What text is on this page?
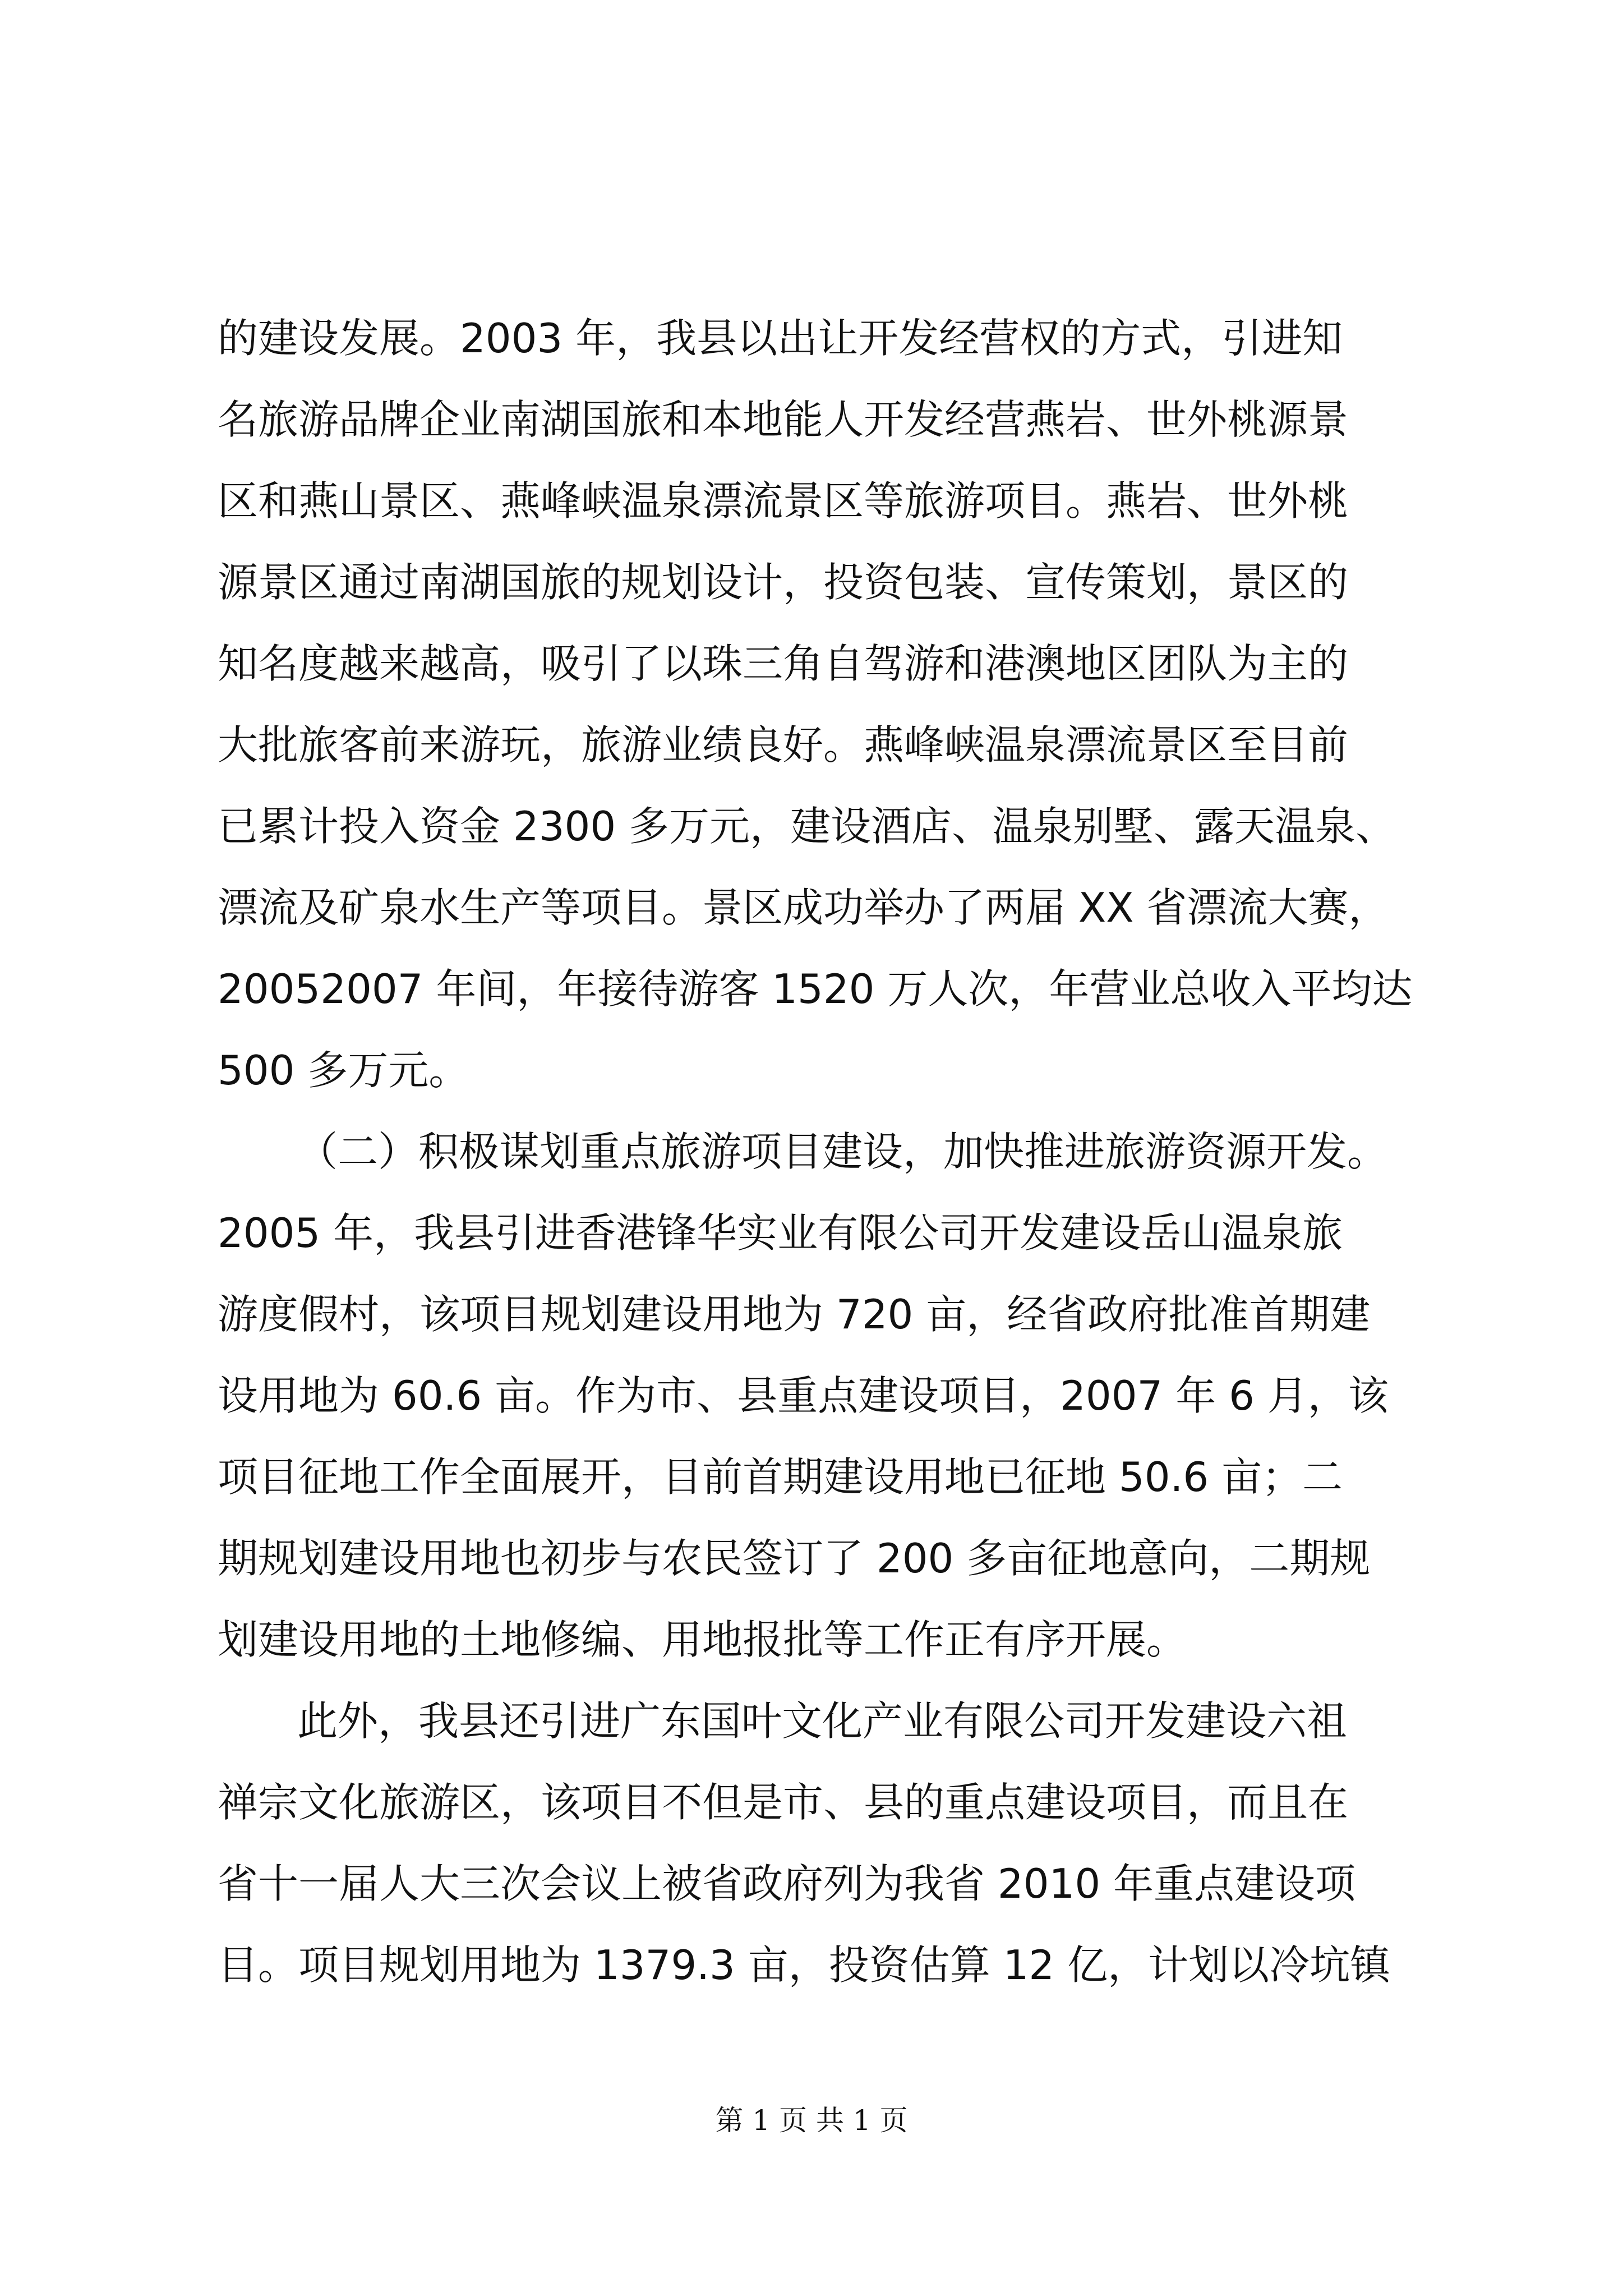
的建设发展。2003 年，我县以出让开发经营权的方式，引进知
名旅游品牌企业南湖国旅和本地能人开发经营燕岩、世外桃源景
区和燕山景区、燕峰峡温泉漂流景区等旅游项目。燕岩、世外桃
源景区通过南湖国旅的规划设计，投资包装、宣传策划，景区的
知名度越来越高，吸引了以珠三角自驾游和港澳地区团队为主的
大批旅客前来游玩，旅游业绩良好。燕峰峡温泉漂流景区至目前
已累计投入资金 2300 多万元，建设酒店、温泉别墅、露天温泉、
漂流及矿泉水生产等项目。景区成功举办了两届 XX 省漂流大赛，
20052007 年间，年接待游客 1520 万人次，年营业总收入平均达
500 多万元。
（二）积极谋划重点旅游项目建设，加快推进旅游资源开发。
2005 年，我县引进香港锋华实业有限公司开发建设岳山温泉旅
游度假村，该项目规划建设用地为 720 亩，经省政府批准首期建
设用地为 60.6 亩。作为市、县重点建设项目，2007 年 6 月，该
项目征地工作全面展开，目前首期建设用地已征地 50.6 亩；二
期规划建设用地也初步与农民签订了 200 多亩征地意向，二期规
划建设用地的土地修编、用地报批等工作正有序开展。
此外，我县还引进广东国叶文化产业有限公司开发建设六祖
禅宗文化旅游区，该项目不但是市、县的重点建设项目，而且在
省十一届人大三次会议上被省政府列为我省 2010 年重点建设项
目。项目规划用地为 1379.3 亩，投资估算 12 亿，计划以冷坑镇
第 1 页 共 1 页
